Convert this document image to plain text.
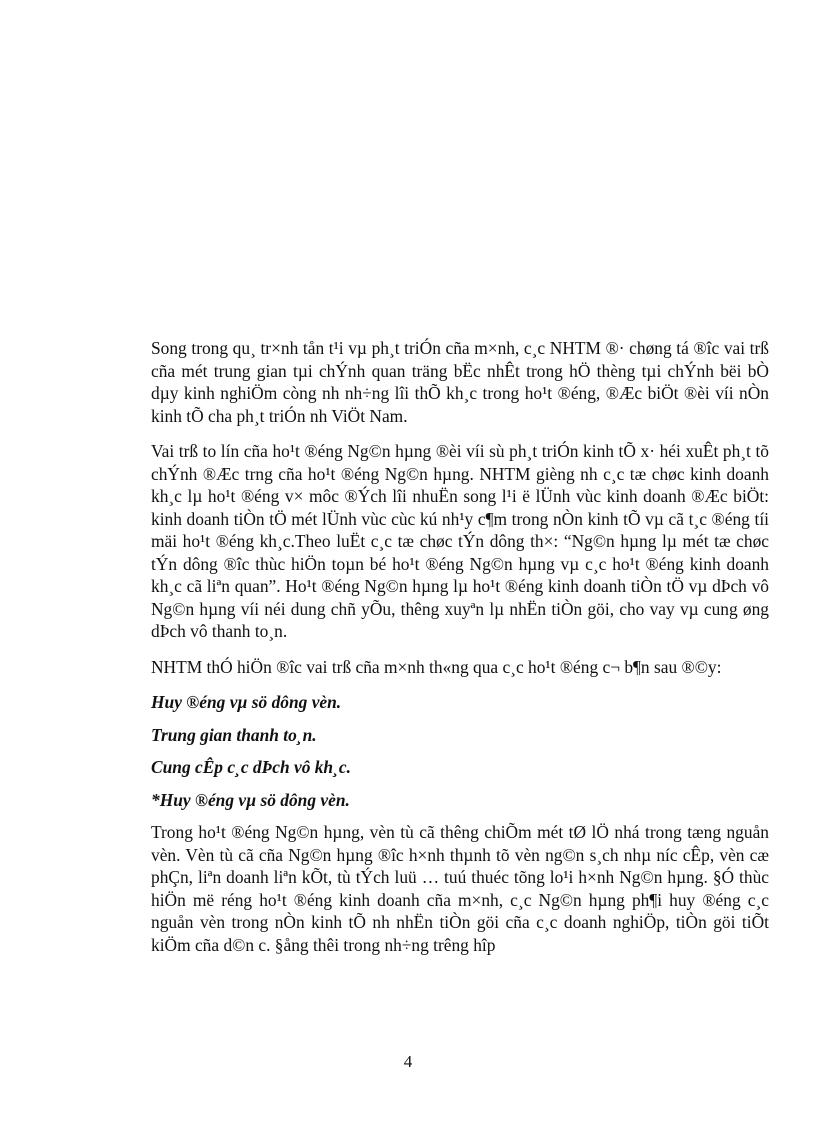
Song trong qu¸ tr×nh tån t¹i vµ ph¸t triÓn cña m×nh, c¸c NHTM ®· chøng tá ®îc vai trß cña mét trung gian tµi chÝnh quan träng bËc nhÊt trong hÖ thèng tµi chÝnh bëi bÒ dµy kinh nghiÖm còng nh nh÷ng lîi thÕ kh¸c trong ho¹t ®éng, ®Æc biÖt ®èi víi nÒn kinh tÕ cha ph¸t triÓn nh ViÖt Nam.

Vai trß to lín cña ho¹t ®éng Ng©n hµng ®èi víi sù ph¸t triÓn kinh tÕ x· héi xuÊt ph¸t tõ chÝnh ®Æc trng cña ho¹t ®éng Ng©n hµng. NHTM gièng nh c¸c tæ chøc kinh doanh kh¸c lµ ho¹t ®éng v× môc ®Ých lîi nhuËn song l¹i ë lÜnh vùc kinh doanh ®Æc biÖt: kinh doanh tiÒn tÖ mét lÜnh vùc cùc kú nh¹y c¶m trong nÒn kinh tÕ vµ cã t¸c ®éng tíi mäi ho¹t ®éng kh¸c.Theo luËt c¸c tæ chøc tÝn dông th×: “Ng©n hµng lµ mét tæ chøc tÝn dông ®îc thùc hiÖn toµn bé ho¹t ®éng Ng©n hµng vµ c¸c ho¹t ®éng kinh doanh kh¸c cã liªn quan”. Ho¹t ®éng Ng©n hµng lµ ho¹t ®éng kinh doanh tiÒn tÖ vµ dÞch vô Ng©n hµng víi néi dung chñ yÕu, thêng xuyªn lµ nhËn tiÒn göi, cho vay vµ cung øng dÞch vô thanh to¸n.

NHTM thÓ hiÖn ®îc vai trß cña m×nh th«ng qua c¸c ho¹t ®éng c¬ b¶n sau ®©y:

Huy ®éng vµ sö dông vèn.
Trung gian thanh to¸n.
Cung cÊp c¸c dÞch vô kh¸c.
*Huy ®éng vµ sö dông vèn.

Trong ho¹t ®éng Ng©n hµng, vèn tù cã thêng chiÕm mét tØ lÖ nhá trong tæng nguån vèn. Vèn tù cã cña Ng©n hµng ®îc h×nh thµnh tõ vèn ng©n s¸ch nhµ níc cÊp, vèn cæ phÇn, liªn doanh liªn kÕt, tù tÝch luü … tuú thuéc tõng lo¹i h×nh Ng©n hµng. §Ó thùc hiÖn më réng ho¹t ®éng kinh doanh cña m×nh, c¸c Ng©n hµng ph¶i huy ®éng c¸c nguån vèn trong nÒn kinh tÕ nh nhËn tiÒn göi cña c¸c doanh nghiÖp, tiÒn göi tiÕt kiÖm cña d©n c. §ång thêi trong nh÷ng trêng hîp

4
